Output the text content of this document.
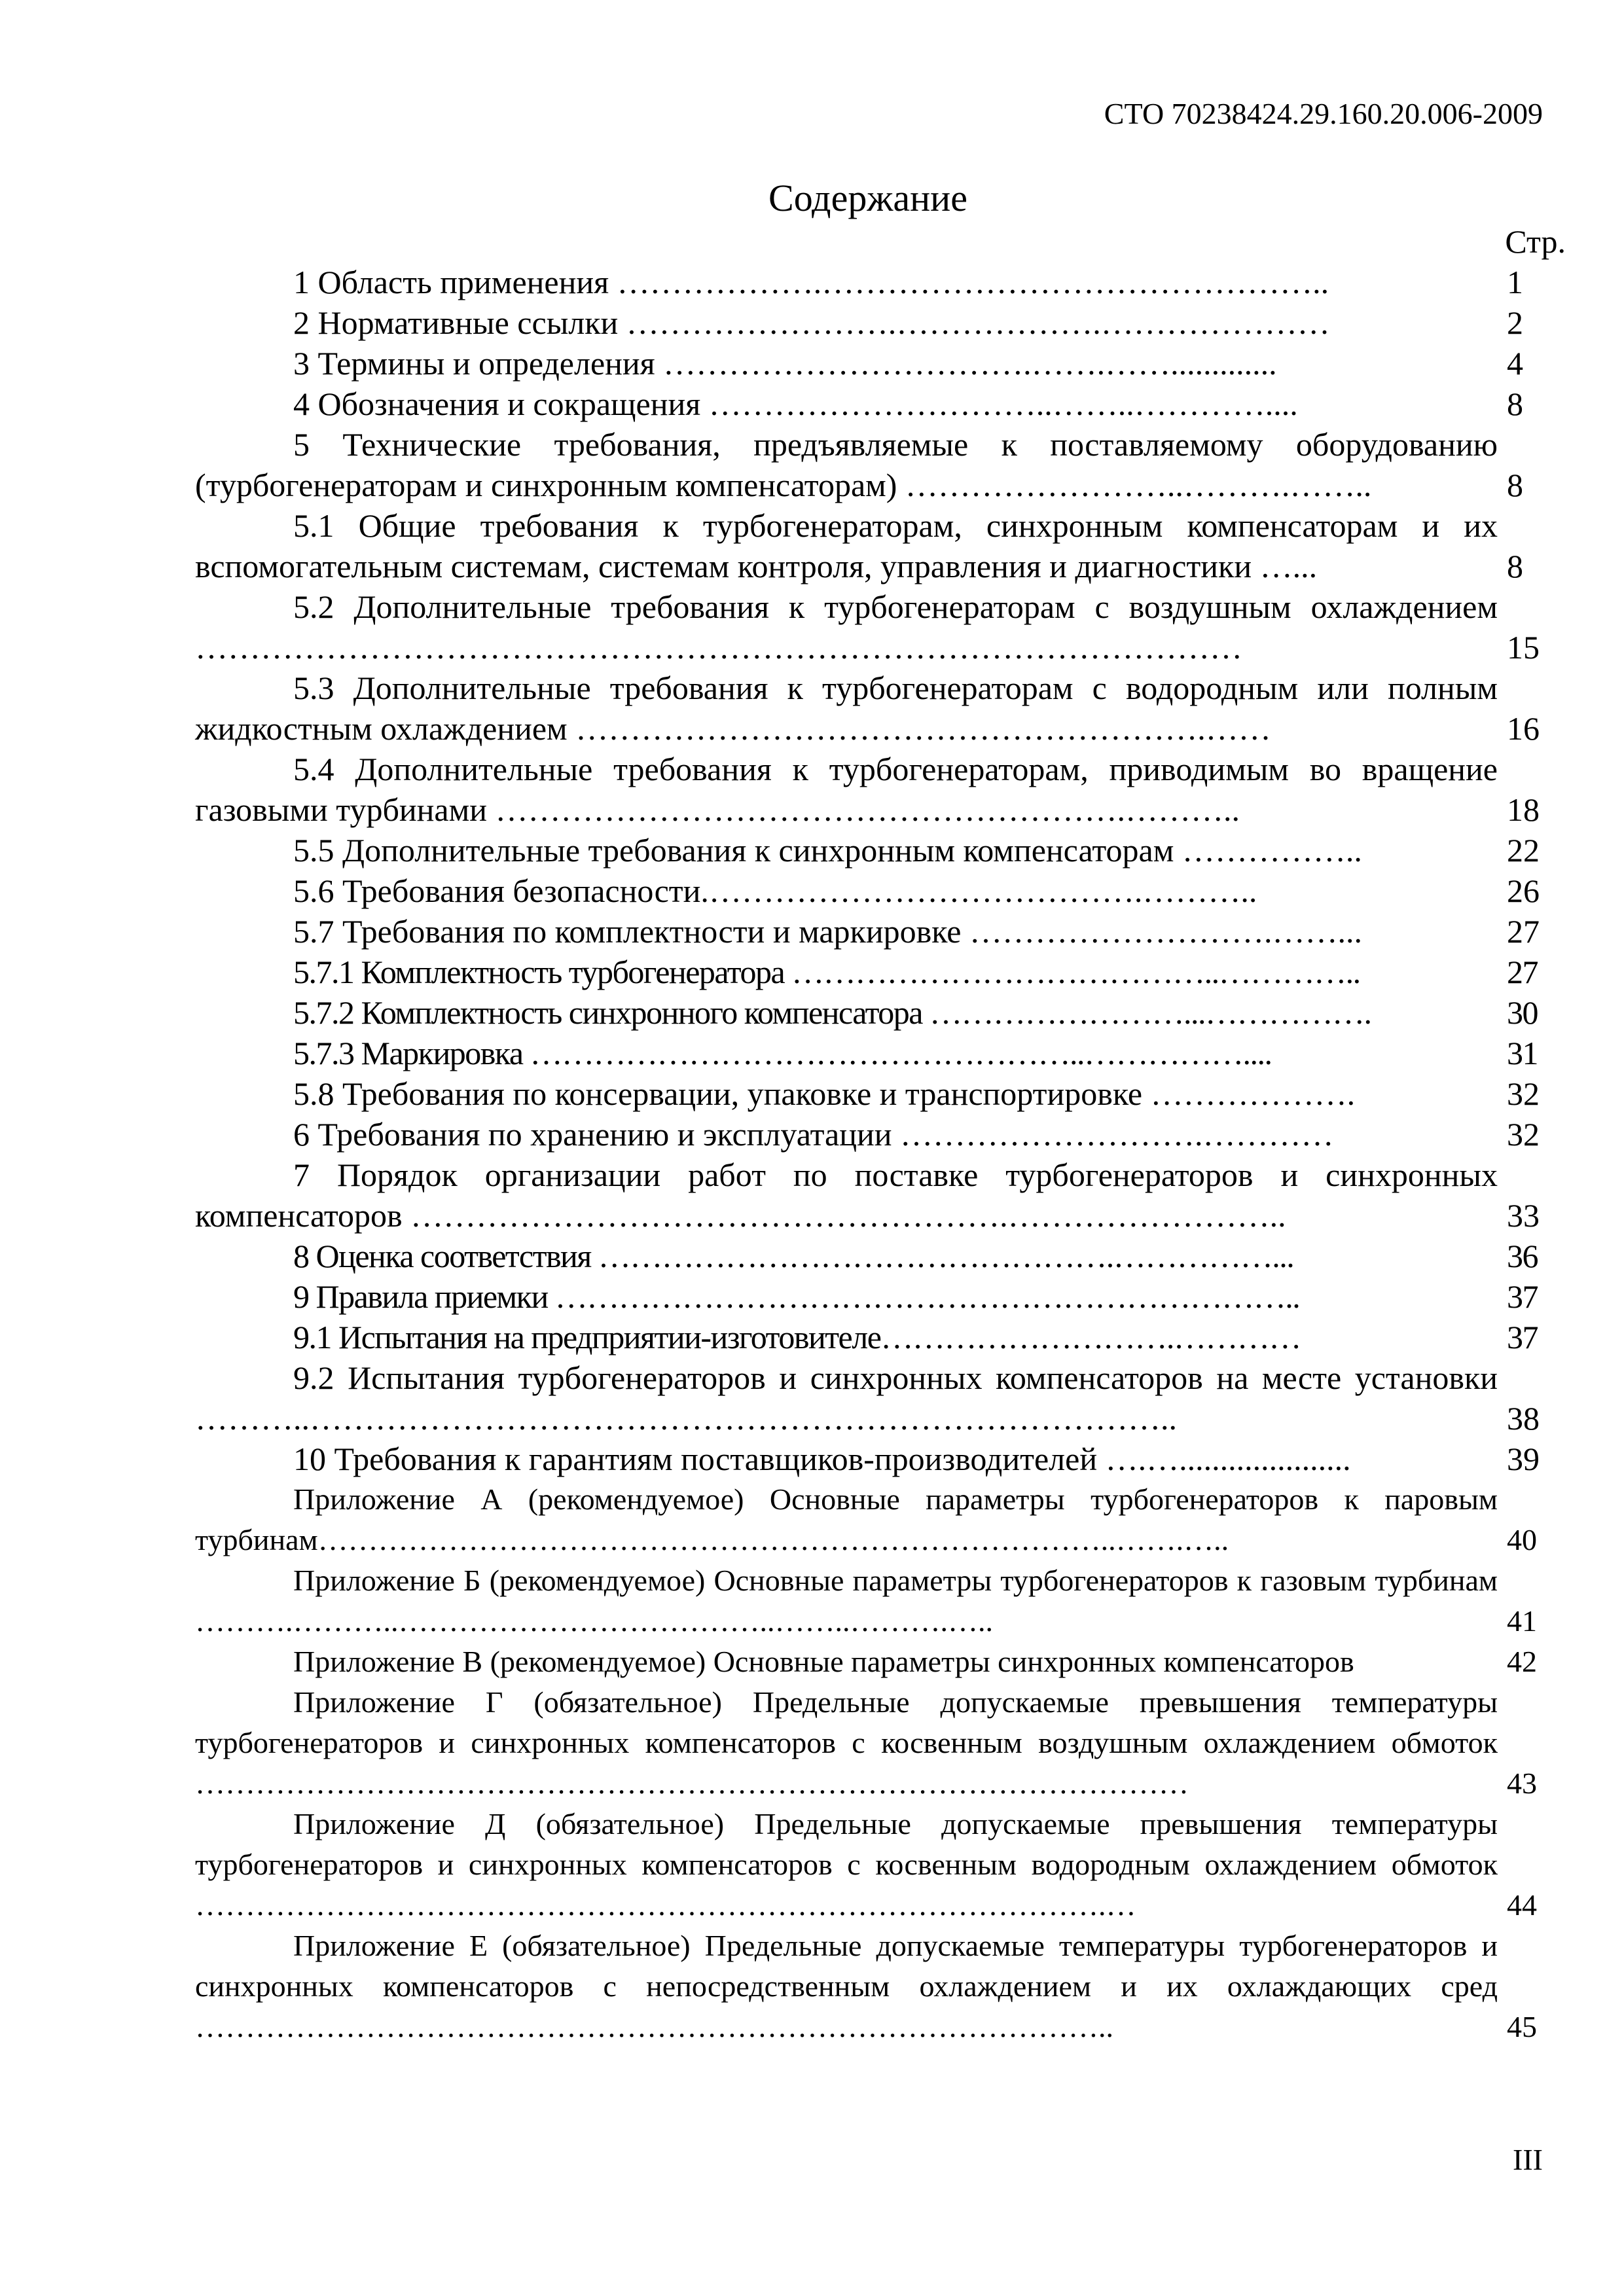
СТО 70238424.29.160.20.006-2009
Содержание
Стр.
1 Область применения ……………….………………………………………..	1
2 Нормативные ссылки …………………….……………….…………………	2
3 Термины и определения …………………………….…….…….............	4
4 Обозначения и сокращения …………………………..……..…………....	8
5 Технические требования, предъявляемые к поставляемому оборудованию (турбогенераторам и синхронным компенсаторам) ……………………..……….……..	8
5.1 Общие требования к турбогенераторам, синхронным компенсаторам и их вспомогательным системам, системам контроля, управления и диагностики …...	8
5.2 Дополнительные требования к турбогенераторам с воздушным охлаждением ……………………………………………………………………………………	15
5.3 Дополнительные требования к турбогенераторам с водородным или полным жидкостным охлаждением ………………………………………………….……	16
5.4 Дополнительные требования к турбогенераторам, приводимым во вращение газовыми турбинами ………………………………………………….………..	18
5.5 Дополнительные требования к синхронным компенсаторам ……………..	22
5.6 Требования безопасности.………………………………….………..	26
5.7 Требования по комплектности и маркировке ……………………….……...	27
5.7.1 Комплектность турбогенератора …………………………………..…………..	27
5.7.2 Комплектность синхронного компенсатора ……………………...…………….	30
5.7.3 Маркировка ……………………………………………..……………....	31
5.8 Требования по консервации, упаковке и транспортировке ……………….	32
6 Требования по хранению и эксплуатации ……………………….…………	32
7 Порядок организации работ по поставке турбогенераторов и синхронных компенсаторов ……………………………………………….……………………..	33
8 Оценка соответствия ………………………………………….……………...	36
9 Правила приемки ……………………………………………………………..	37
9.1 Испытания на предприятии-изготовителе……………………….…………	37
9.2 Испытания турбогенераторов и синхронных компенсаторов на месте установки ………..……………………………………………………………………..	38
10 Требования к гарантиям поставщиков-производителей ….….....................	39
Приложение А (рекомендуемое) Основные параметры турбогенераторов к паровым турбинам……………………………………………………………………..…….…..	40
Приложение Б (рекомендуемое) Основные параметры турбогенераторов к газовым турбинам ……….………..………………………………..……..……….…..	41
Приложение В (рекомендуемое) Основные параметры синхронных компенсаторов	42
Приложение Г (обязательное) Предельные допускаемые превышения температуры турбогенераторов и синхронных компенсаторов с косвенным воздушным охлаждением обмоток ………………………………………………………………………………………	43
Приложение Д (обязательное) Предельные допускаемые превышения температуры турбогенераторов и синхронных компенсаторов с косвенным водородным охлаждением обмоток ……………………………………………………………………………….…	44
Приложение Е (обязательное) Предельные допускаемые температуры турбогенераторов и синхронных компенсаторов с непосредственным охлаждением и их охлаждающих сред ………………………………………………………………………………..	45
III
